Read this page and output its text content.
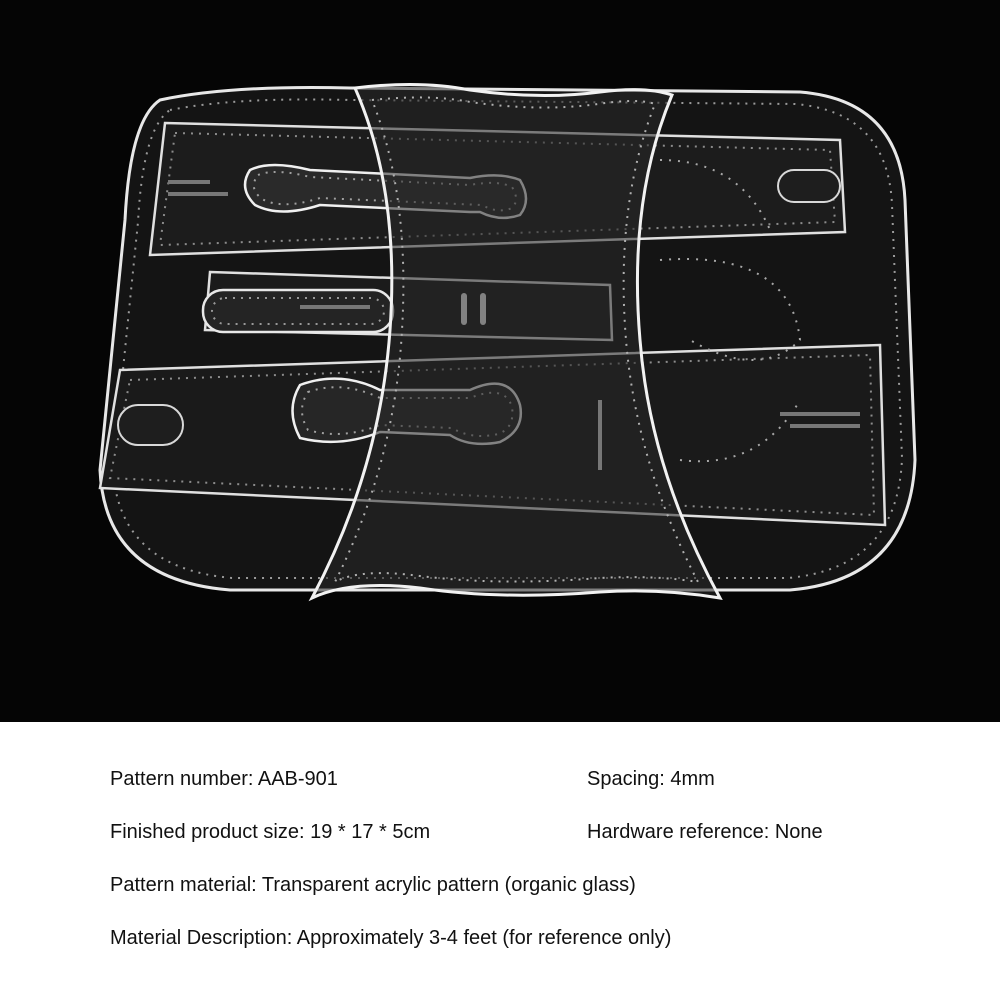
Pattern number: AAB-901	Spacing: 4mm
Finished product size: 19 * 17 * 5cm	Hardware reference: None
Pattern material: Transparent acrylic pattern (organic glass)
Material Description: Approximately 3-4 feet (for reference only)
